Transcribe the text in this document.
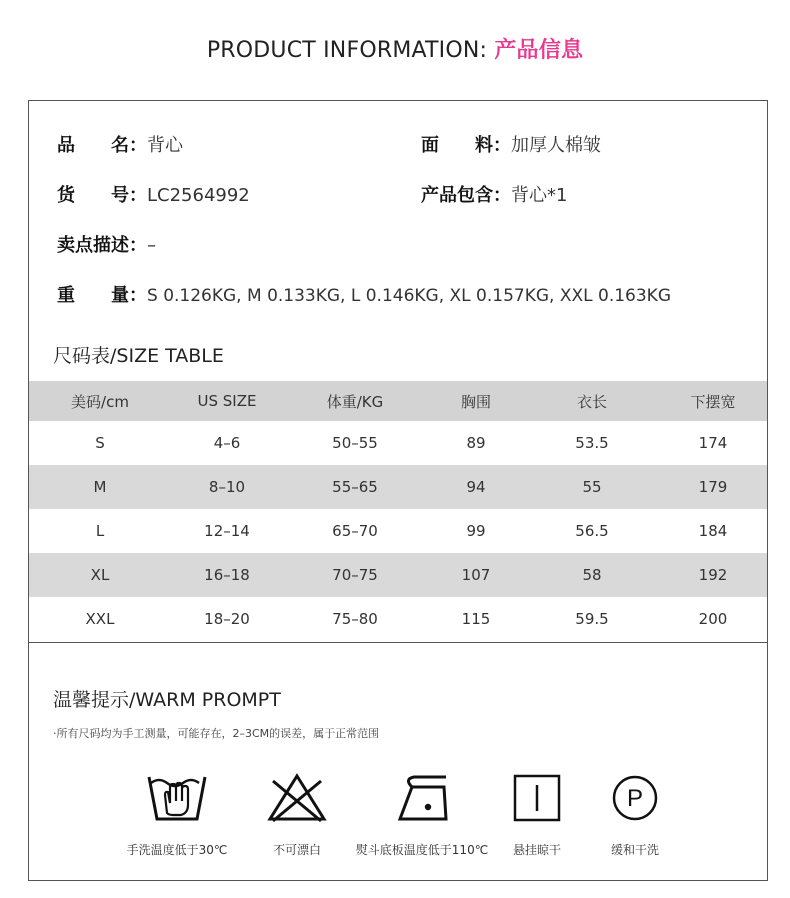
PRODUCT INFORMATION: 产品信息
品　　名：背心	面　　料：加厚人棉皱
货　　号：LC2564992	产品包含：背心*1
卖点描述：–
重　　量：S 0.126KG, M 0.133KG, L 0.146KG, XL 0.157KG, XXL 0.163KG
尺码表/SIZE TABLE
美码/cm	US SIZE	体重/KG	胸围	衣长	下摆宽
S	4–6	50–55	89	53.5	174
M	8–10	55–65	94	55	179
L	12–14	65–70	99	56.5	184
XL	16–18	70–75	107	58	192
XXL	18–20	75–80	115	59.5	200
温馨提示/WARM PROMPT
·所有尺码均为手工测量，可能存在，2–3CM的误差，属于正常范围
手洗温度低于30℃	不可漂白	熨斗底板温度低于110℃	悬挂晾干
P
缓和干洗
